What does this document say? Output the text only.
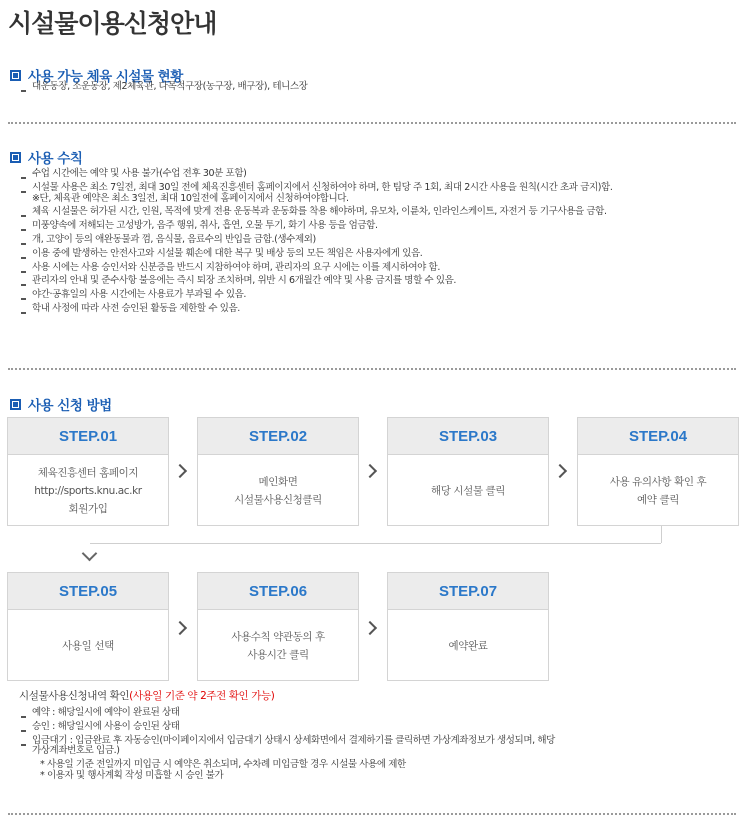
시설물이용신청안내
사용 가능 체육 시설물 현황
대운동장, 소운동장, 제2체육관, 다목적구장(농구장, 배구장), 테니스장
사용 수칙
수업 시간에는 예약 및 사용 불가(수업 전후 30분 포함)
시설물 사용은 최소 7일전, 최대 30일 전에 체육진흥센터 홈페이지에서 신청하여야 하며, 한 팀당 주 1회, 최대 2시간 사용을 원칙(시간 초과 금지)함.
※단, 체육관 예약은 최소 3일전, 최대 10일전에 홈페이지에서 신청하여야합니다.
체육 시설물은 허가된 시간, 인원, 목적에 맞게 전용 운동복과 운동화를 착용 해야하며, 유모차, 이륜차, 인라인스케이트, 자전거 등 기구사용을 금함.
미풍양속에 저해되는 고성방가, 음주 행위, 취사, 흡연, 오물 투기, 화기 사용 등을 엄금함.
개, 고양이 등의 애완동물과 껌, 음식물, 음료수의 반입을 금함.(생수제외)
이용 중에 발생하는 안전사고와 시설물 훼손에 대한 복구 및 배상 등의 모든 책임은 사용자에게 있음.
사용 시에는 사용 승인서와 신분증을 반드시 지참하여야 하며, 관리자의 요구 시에는 이를 제시하여야 함.
관리자의 안내 및 준수사항 불응에는 즉시 퇴장 조치하며, 위반 시 6개월간 예약 및 사용 금지를 명할 수 있음.
야간·공휴일의 사용 시간에는 사용료가 부과될 수 있음.
학내 사정에 따라 사전 승인된 활동을 제한할 수 있음.
사용 신청 방법
STEP.01
체육진흥센터 홈페이지
http://sports.knu.ac.kr
회원가입
STEP.02
메인화면
시설물사용신청클릭
STEP.03
해당 시설물 클릭
STEP.04
사용 유의사항 확인 후
예약 클릭
STEP.05
사용일 선택
STEP.06
사용수칙 약관동의 후
사용시간 클릭
STEP.07
예약완료
시설물사용신청내역 확인(사용일 기준 약 2주전 확인 가능)
예약 : 해당일시에 예약이 완료된 상태
승인 : 해당일시에 사용이 승인된 상태
입금대기 : 입금완료 후 자동승인(마이페이지에서 입금대기 상태시 상세화면에서 결제하기를 클릭하면 가상계좌정보가 생성되며, 해당
가상계좌번호로 입금.)
* 사용일 기준 전일까지 미입금 시 예약은 취소되며, 수차례 미입금할 경우 시설물 사용에 제한
* 이용자 및 행사계획 작성 미흡할 시 승인 불가
